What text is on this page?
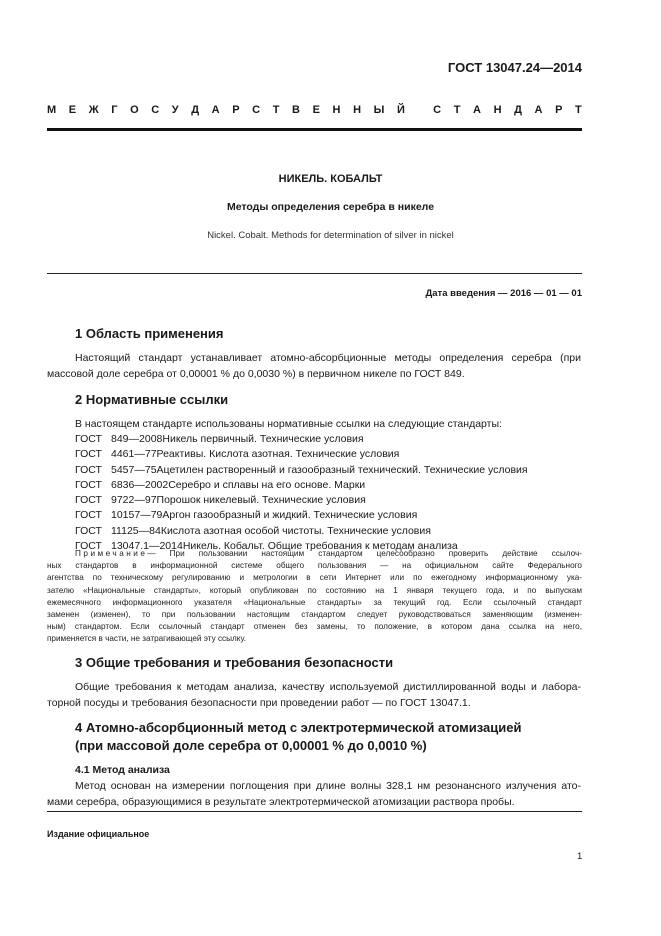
ГОСТ 13047.24—2014
М Е Ж Г О С У Д А Р С Т В Е Н Н Ы Й
	С Т А Н Д А Р Т
НИКЕЛЬ. КОБАЛЬТ
Методы определения серебра в никеле
Nickel. Cobalt. Methods for determination of silver in nickel
Дата введения — 2016 — 01 — 01
1 Область применения
Настоящий стандарт устанавливает атомно-абсорбционные методы определения серебра (при
массовой доле серебра от 0,00001 % до 0,0030 %) в первичном никеле по ГОСТ 849.
2 Нормативные ссылки
В настоящем стандарте использованы нормативные ссылки на следующие стандарты:
ГОСТ 849—2008 Никель первичный. Технические условия
ГОСТ 4461—77 Реактивы. Кислота азотная. Технические условия
ГОСТ 5457—75 Ацетилен растворенный и газообразный технический. Технические условия
ГОСТ 6836—2002 Серебро и сплавы на его основе. Марки
ГОСТ 9722—97 Порошок никелевый. Технические условия
ГОСТ 10157—79 Аргон газообразный и жидкий. Технические условия
ГОСТ 11125—84 Кислота азотная особой чистоты. Технические условия
ГОСТ 13047.1—2014 Никель. Кобальт. Общие требования к методам анализа
Примечание— При пользовании настоящим стандартом целесообразно проверить действие ссылоч-
ных стандартов в информационной системе общего пользования — на официальном сайте Федерального
агентства по техническому регулированию и метрологии в сети Интернет или по ежегодному информационному ука-
зателю «Национальные стандарты», который опубликован по состоянию на 1 января текущего года, и по выпускам
ежемесячного информационного указателя «Национальные стандарты» за текущий год. Если ссылочный стандарт
заменен (изменен), то при пользовании настоящим стандартом следует руководствоваться заменяющим (изменен-
ным) стандартом. Если ссылочный стандарт отменен без замены, то положение, в котором дана ссылка на него,
применяется в части, не затрагивающей эту ссылку.
3 Общие требования и требования безопасности
Общие требования к методам анализа, качеству используемой дистиллированной воды и лабора-
торной посуды и требования безопасности при проведении работ — по ГОСТ 13047.1.
4 Атомно-абсорбционный метод с электротермической атомизацией
(при массовой доле серебра от 0,00001 % до 0,0010 %)
4.1 Метод анализа
Метод основан на измерении поглощения при длине волны 328,1 нм резонансного излучения ато-
мами серебра, образующимися в результате электротермической атомизации раствора пробы.
Издание официальное
1
